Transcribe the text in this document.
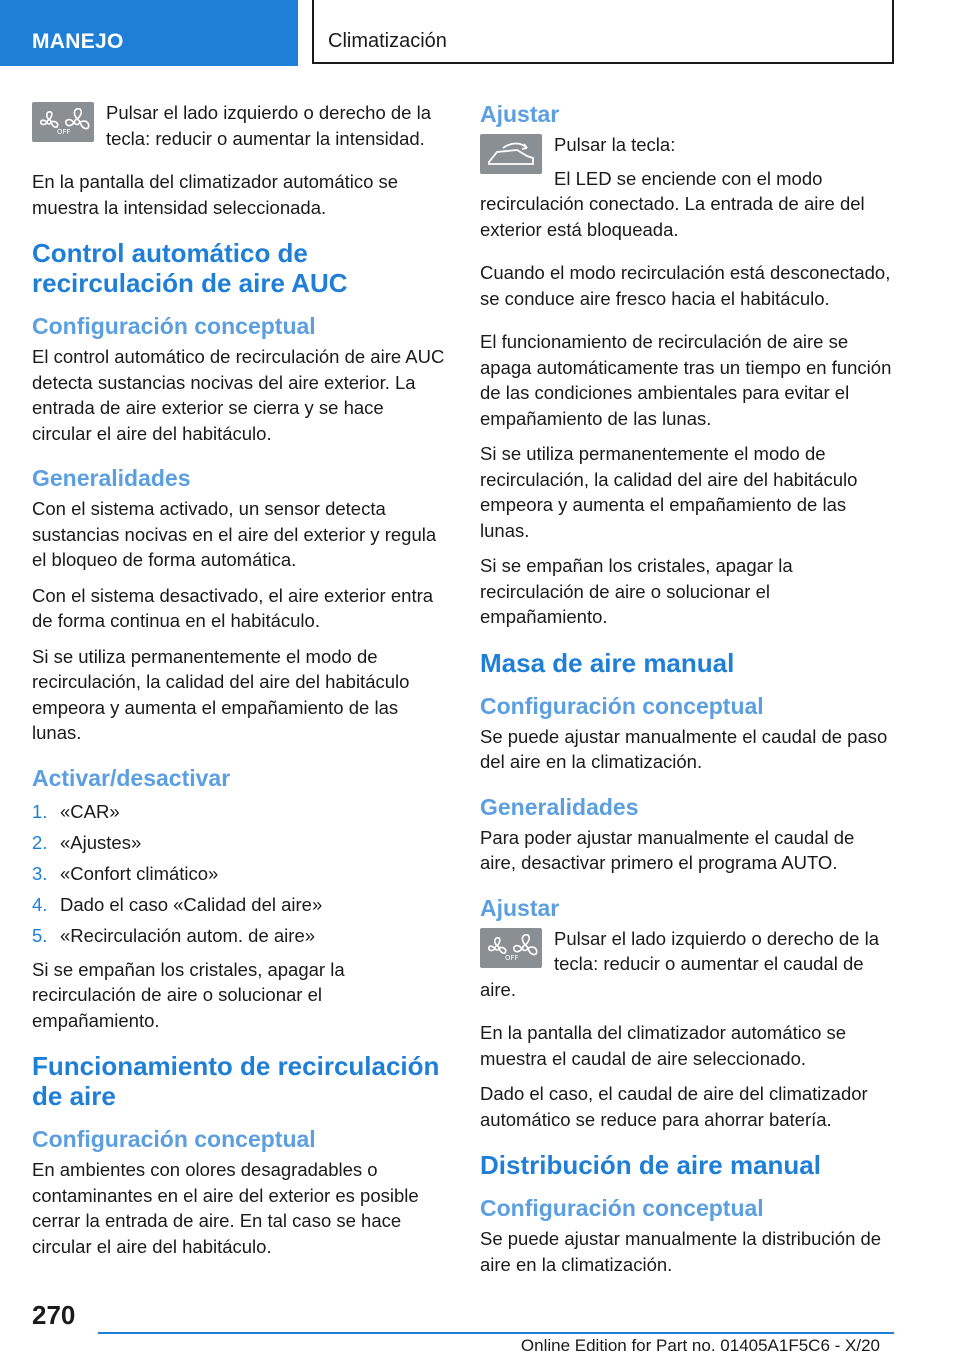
MANEJO	Climatización
OFF

Pulsar el lado izquierdo o derecho de la tecla: reducir o aumentar la intensidad.

En la pantalla del climatizador automático se muestra la intensidad seleccionada.

Control automático de recirculación de aire AUC
Configuración conceptual

El control automático de recirculación de aire AUC detecta sustancias nocivas del aire exterior. La entrada de aire exterior se cierra y se hace circular el aire del habitáculo.

Generalidades

Con el sistema activado, un sensor detecta sustancias nocivas en el aire del exterior y regula el bloqueo de forma automática.

Con el sistema desactivado, el aire exterior entra de forma continua en el habitáculo.

Si se utiliza permanentemente el modo de recirculación, la calidad del aire del habitáculo empeora y aumenta el empañamiento de las lunas.

Activar/desactivar
1. «CAR»
2. «Ajustes»
3. «Confort climático»
4. Dado el caso «Calidad del aire»
5. «Recirculación autom. de aire»

Si se empañan los cristales, apagar la recirculación de aire o solucionar el empañamiento.

Funcionamiento de recirculación de aire
Configuración conceptual

En ambientes con olores desagradables o contaminantes en el aire del exterior es posible cerrar la entrada de aire. En tal caso se hace circular el aire del habitáculo.

Ajustar

Pulsar la tecla:

El LED se enciende con el modo recirculación conectado. La entrada de aire del exterior está bloqueada.

Cuando el modo recirculación está desconectado, se conduce aire fresco hacia el habitáculo.

El funcionamiento de recirculación de aire se apaga automáticamente tras un tiempo en función de las condiciones ambientales para evitar el empañamiento de las lunas.

Si se utiliza permanentemente el modo de recirculación, la calidad del aire del habitáculo empeora y aumenta el empañamiento de las lunas.

Si se empañan los cristales, apagar la recirculación de aire o solucionar el empañamiento.

Masa de aire manual
Configuración conceptual

Se puede ajustar manualmente el caudal de paso del aire en la climatización.

Generalidades

Para poder ajustar manualmente el caudal de aire, desactivar primero el programa AUTO.

Ajustar
OFF

Pulsar el lado izquierdo o derecho de la tecla: reducir o aumentar el caudal de aire.

En la pantalla del climatizador automático se muestra el caudal de aire seleccionado.

Dado el caso, el caudal de aire del climatizador automático se reduce para ahorrar batería.

Distribución de aire manual
Configuración conceptual

Se puede ajustar manualmente la distribución de aire en la climatización.

270
Online Edition for Part no. 01405A1F5C6 - X/20
